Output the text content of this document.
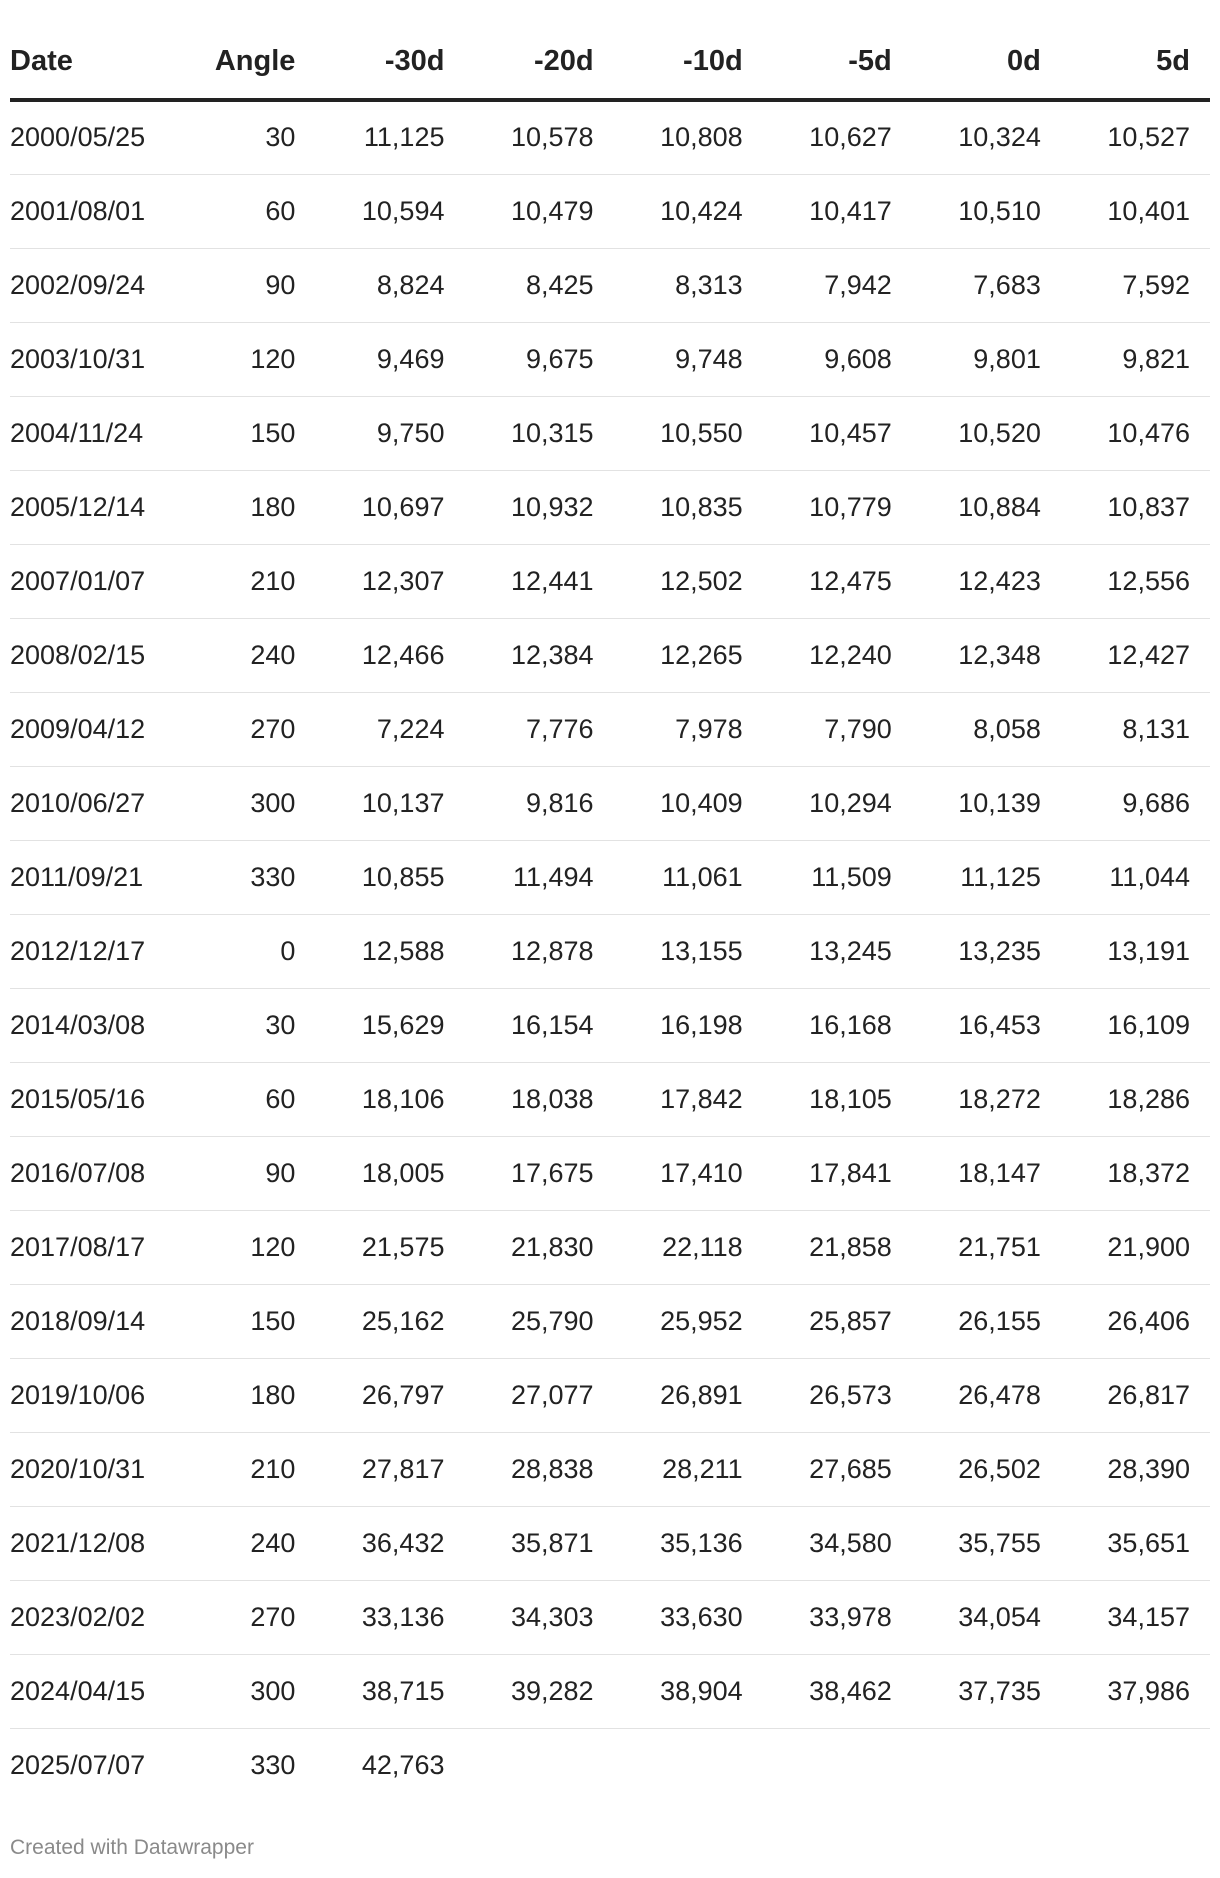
Date	Angle	-30d	-20d	-10d	-5d	0d	5d
2000/05/25	30	11,125	10,578	10,808	10,627	10,324	10,527
2001/08/01	60	10,594	10,479	10,424	10,417	10,510	10,401
2002/09/24	90	8,824	8,425	8,313	7,942	7,683	7,592
2003/10/31	120	9,469	9,675	9,748	9,608	9,801	9,821
2004/11/24	150	9,750	10,315	10,550	10,457	10,520	10,476
2005/12/14	180	10,697	10,932	10,835	10,779	10,884	10,837
2007/01/07	210	12,307	12,441	12,502	12,475	12,423	12,556
2008/02/15	240	12,466	12,384	12,265	12,240	12,348	12,427
2009/04/12	270	7,224	7,776	7,978	7,790	8,058	8,131
2010/06/27	300	10,137	9,816	10,409	10,294	10,139	9,686
2011/09/21	330	10,855	11,494	11,061	11,509	11,125	11,044
2012/12/17	0	12,588	12,878	13,155	13,245	13,235	13,191
2014/03/08	30	15,629	16,154	16,198	16,168	16,453	16,109
2015/05/16	60	18,106	18,038	17,842	18,105	18,272	18,286
2016/07/08	90	18,005	17,675	17,410	17,841	18,147	18,372
2017/08/17	120	21,575	21,830	22,118	21,858	21,751	21,900
2018/09/14	150	25,162	25,790	25,952	25,857	26,155	26,406
2019/10/06	180	26,797	27,077	26,891	26,573	26,478	26,817
2020/10/31	210	27,817	28,838	28,211	27,685	26,502	28,390
2021/12/08	240	36,432	35,871	35,136	34,580	35,755	35,651
2023/02/02	270	33,136	34,303	33,630	33,978	34,054	34,157
2024/04/15	300	38,715	39,282	38,904	38,462	37,735	37,986
2025/07/07	330	42,763					
Created with Datawrapper
